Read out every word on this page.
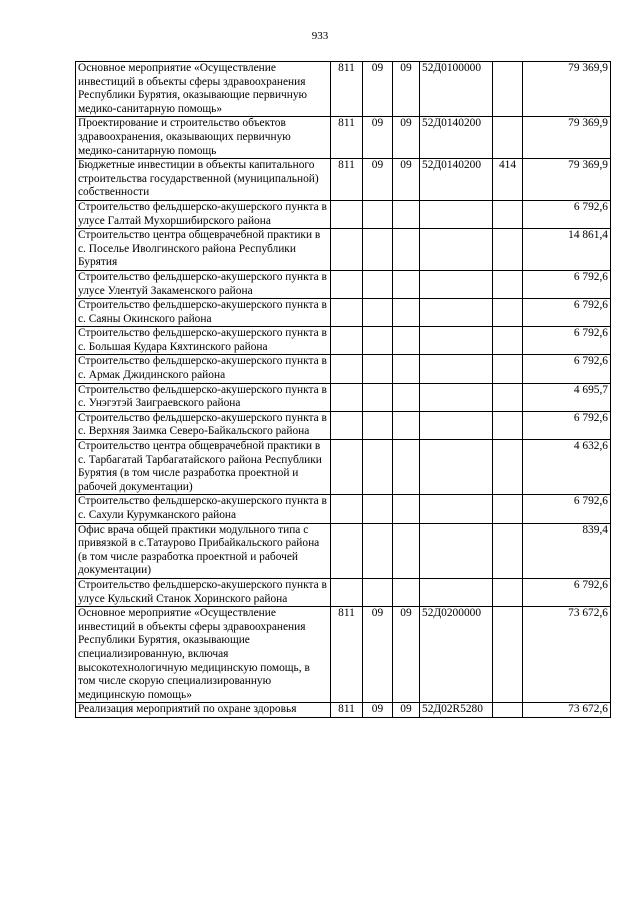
933
Основное мероприятие «Осуществление инвестиций в объекты сферы здравоохранения Республики Бурятия, оказывающие первичную медико-санитарную помощь»	811	09	09	52Д0100000		79 369,9
Проектирование и строительство объектов здравоохранения, оказывающих первичную медико-санитарную помощь	811	09	09	52Д0140200		79 369,9
Бюджетные инвестиции в объекты капитального строительства государственной (муниципальной) собственности	811	09	09	52Д0140200	414	79 369,9
Строительство фельдшерско-акушерского пункта в улусе Галтай Мухоршибирского района						6 792,6
Строительство центра общеврачебной практики в с. Поселье Иволгинского района Республики Бурятия						14 861,4
Строительство фельдшерско-акушерского пункта в улусе Улентуй Закаменского района						6 792,6
Строительство фельдшерско-акушерского пункта в с. Саяны Окинского района						6 792,6
Строительство фельдшерско-акушерского пункта в с. Большая Кудара Кяхтинского района						6 792,6
Строительство фельдшерско-акушерского пункта в с. Армак Джидинского района						6 792,6
Строительство фельдшерско-акушерского пункта в с. Унэгэтэй Заиграевского района						4 695,7
Строительство фельдшерско-акушерского пункта в с. Верхняя Заимка Северо-Байкальского района						6 792,6
Строительство центра общеврачебной практики в с. Тарбагатай Тарбагатайского района Республики Бурятия (в том числе разработка проектной и рабочей документации)						4 632,6
Строительство фельдшерско-акушерского пункта в с. Сахули Курумканского района						6 792,6
Офис врача общей практики модульного типа с привязкой в с.Татаурово Прибайкальского района (в том числе разработка проектной и рабочей документации)						839,4
Строительство фельдшерско-акушерского пункта в улусе Кульский Станок Хоринского района						6 792,6
Основное мероприятие «Осуществление инвестиций в объекты сферы здравоохранения Республики Бурятия, оказывающие специализированную, включая высокотехнологичную медицинскую помощь, в том числе скорую специализированную медицинскую помощь»	811	09	09	52Д0200000		73 672,6
Реализация мероприятий по охране здоровья	811	09	09	52Д02R5280		73 672,6
